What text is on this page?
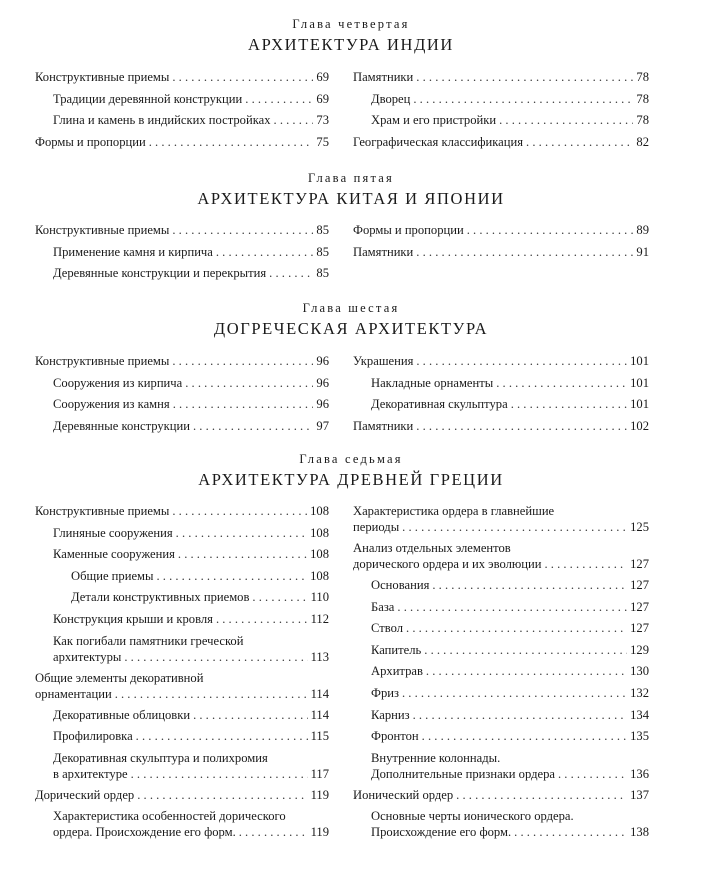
Глава четвертая
АРХИТЕКТУРА ИНДИИ
Конструктивные приемы . . .	69
Традиции деревянной конструкции . . .	69
Глина и камень в индийских постройках . . .	73
Формы и пропорции . . .	75
Памятники . . .	78
Дворец . . .	78
Храм и его пристройки . . .	78
Географическая классификация . . .	82
Глава пятая
АРХИТЕКТУРА КИТАЯ И ЯПОНИИ
Конструктивные приемы . . .	85
Применение камня и кирпича . . .	85
Деревянные конструкции и перекрытия . . .	85
Формы и пропорции . . .	89
Памятники . . .	91
Глава шестая
ДОГРЕЧЕСКАЯ АРХИТЕКТУРА
Конструктивные приемы . . .	96
Сооружения из кирпича . . .	96
Сооружения из камня . . .	96
Деревянные конструкции . . .	97
Украшения . . .	101
Накладные орнаменты . . .	101
Декоративная скульптура . . .	101
Памятники . . .	102
Глава седьмая
АРХИТЕКТУРА ДРЕВНЕЙ ГРЕЦИИ
Конструктивные приемы . . .	108
Глиняные сооружения . . .	108
Каменные сооружения . . .	108
Общие приемы . . .	108
Детали конструктивных приемов . . .	110
Конструкция крыши и кровля . . .	112
Как погибали памятники греческой
архитектуры . . .	113
Общие элементы декоративной
орнаментации . . .	114
Декоративные облицовки . . .	114
Профилировка . . .	115
Декоративная скульптура и полихромия
в архитектуре . . .	117
Дорический ордер . . .	119
Характеристика особенностей дорического
ордера. Происхождение его форм. . . .	119
Характеристика ордера в главнейшие
периоды . . .	125
Анализ отдельных элементов
дорического ордера и их эволюции . . .	127
Основания . . .	127
База . . .	127
Ствол . . .	127
Капитель . . .	129
Архитрав . . .	130
Фриз . . .	132
Карниз . . .	134
Фронтон . . .	135
Внутренние колоннады.
Дополнительные признаки ордера . . .	136
Ионический ордер . . .	137
Основные черты ионического ордера.
Происхождение его форм. . . .	138
